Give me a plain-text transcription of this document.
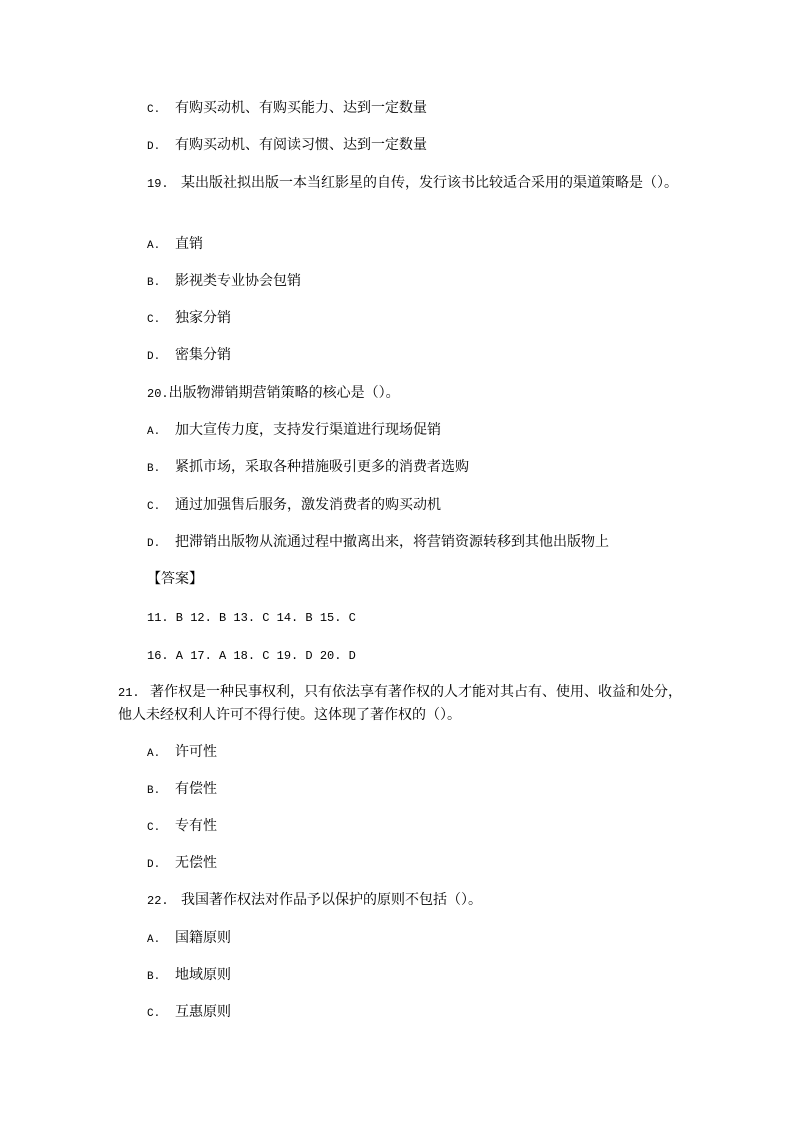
C. 有购买动机、有购买能力、达到一定数量
D. 有购买动机、有阅读习惯、达到一定数量
19. 某出版社拟出版一本当红影星的自传，发行该书比较适合采用的渠道策略是（）。
A. 直销
B. 影视类专业协会包销
C. 独家分销
D. 密集分销
20.出版物滞销期营销策略的核心是（）。
A. 加大宣传力度，支持发行渠道进行现场促销
B. 紧抓市场，采取各种措施吸引更多的消费者选购
C. 通过加强售后服务，激发消费者的购买动机
D. 把滞销出版物从流通过程中撤离出来，将营销资源转移到其他出版物上
【答案】
11. B 12. B 13. C 14. B 15. C
16. A 17. A 18. C 19. D 20. D
21. 著作权是一种民事权利，只有依法享有著作权的人才能对其占有、使用、收益和处分，
他人未经权利人许可不得行使。这体现了著作权的（）。
A. 许可性
B. 有偿性
C. 专有性
D. 无偿性
22. 我国著作权法对作品予以保护的原则不包括（）。
A. 国籍原则
B. 地域原则
C. 互惠原则
